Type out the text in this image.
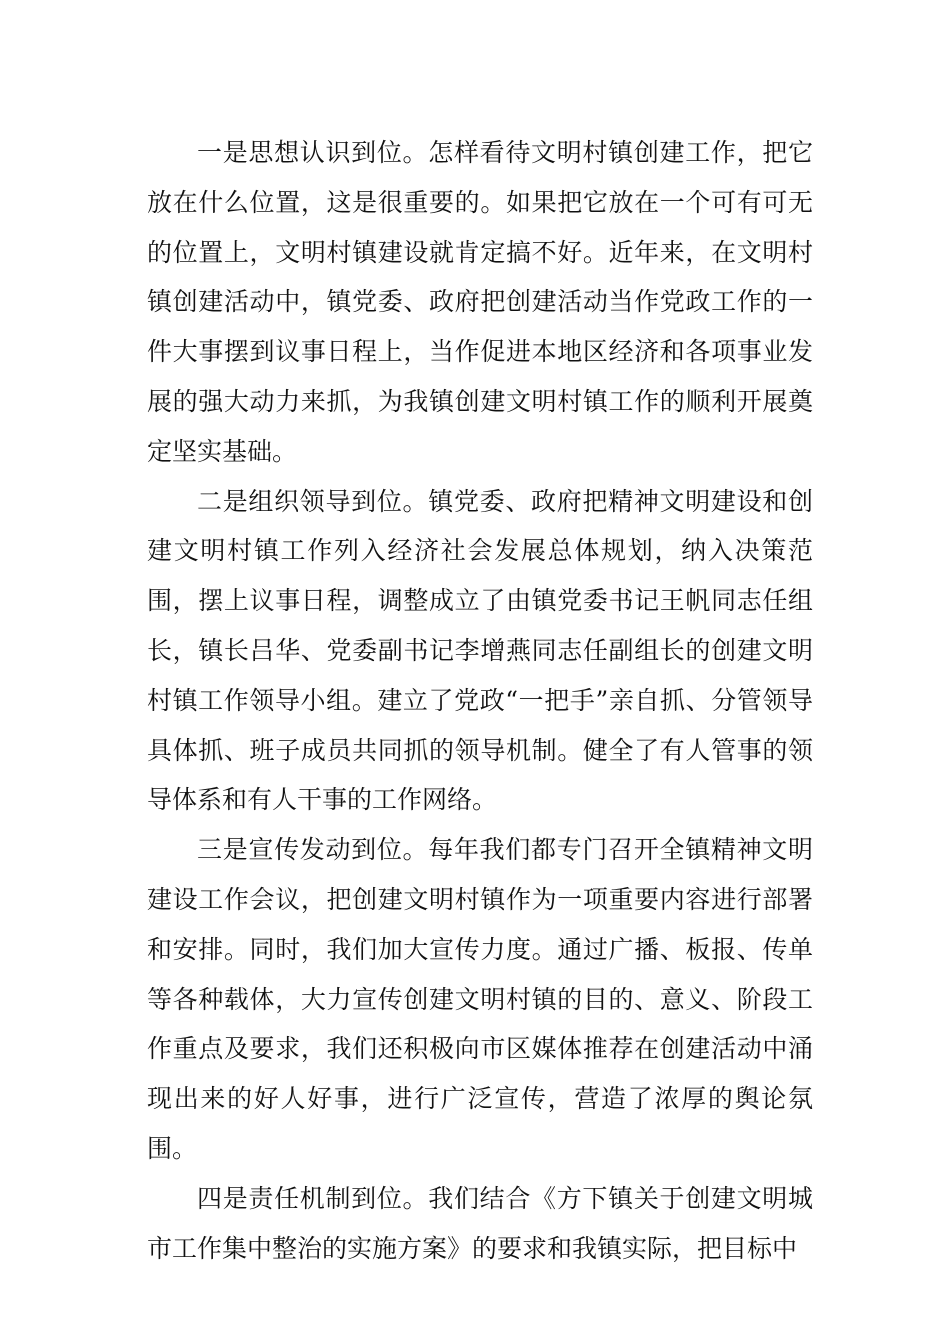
一是思想认识到位。怎样看待文明村镇创建工作，把它放在什么位置，这是很重要的。如果把它放在一个可有可无的位置上，文明村镇建设就肯定搞不好。近年来，在文明村镇创建活动中，镇党委、政府把创建活动当作党政工作的一件大事摆到议事日程上，当作促进本地区经济和各项事业发展的强大动力来抓，为我镇创建文明村镇工作的顺利开展奠定坚实基础。

二是组织领导到位。镇党委、政府把精神文明建设和创建文明村镇工作列入经济社会发展总体规划，纳入决策范围，摆上议事日程，调整成立了由镇党委书记王帆同志任组长，镇长吕华、党委副书记李增燕同志任副组长的创建文明村镇工作领导小组。建立了党政“一把手”亲自抓、分管领导具体抓、班子成员共同抓的领导机制。健全了有人管事的领导体系和有人干事的工作网络。

三是宣传发动到位。每年我们都专门召开全镇精神文明建设工作会议，把创建文明村镇作为一项重要内容进行部署和安排。同时，我们加大宣传力度。通过广播、板报、传单等各种载体，大力宣传创建文明村镇的目的、意义、阶段工作重点及要求，我们还积极向市区媒体推荐在创建活动中涌现出来的好人好事，进行广泛宣传，营造了浓厚的舆论氛围。

四是责任机制到位。我们结合《方下镇关于创建文明城市工作集中整治的实施方案》的要求和我镇实际，把目标中
